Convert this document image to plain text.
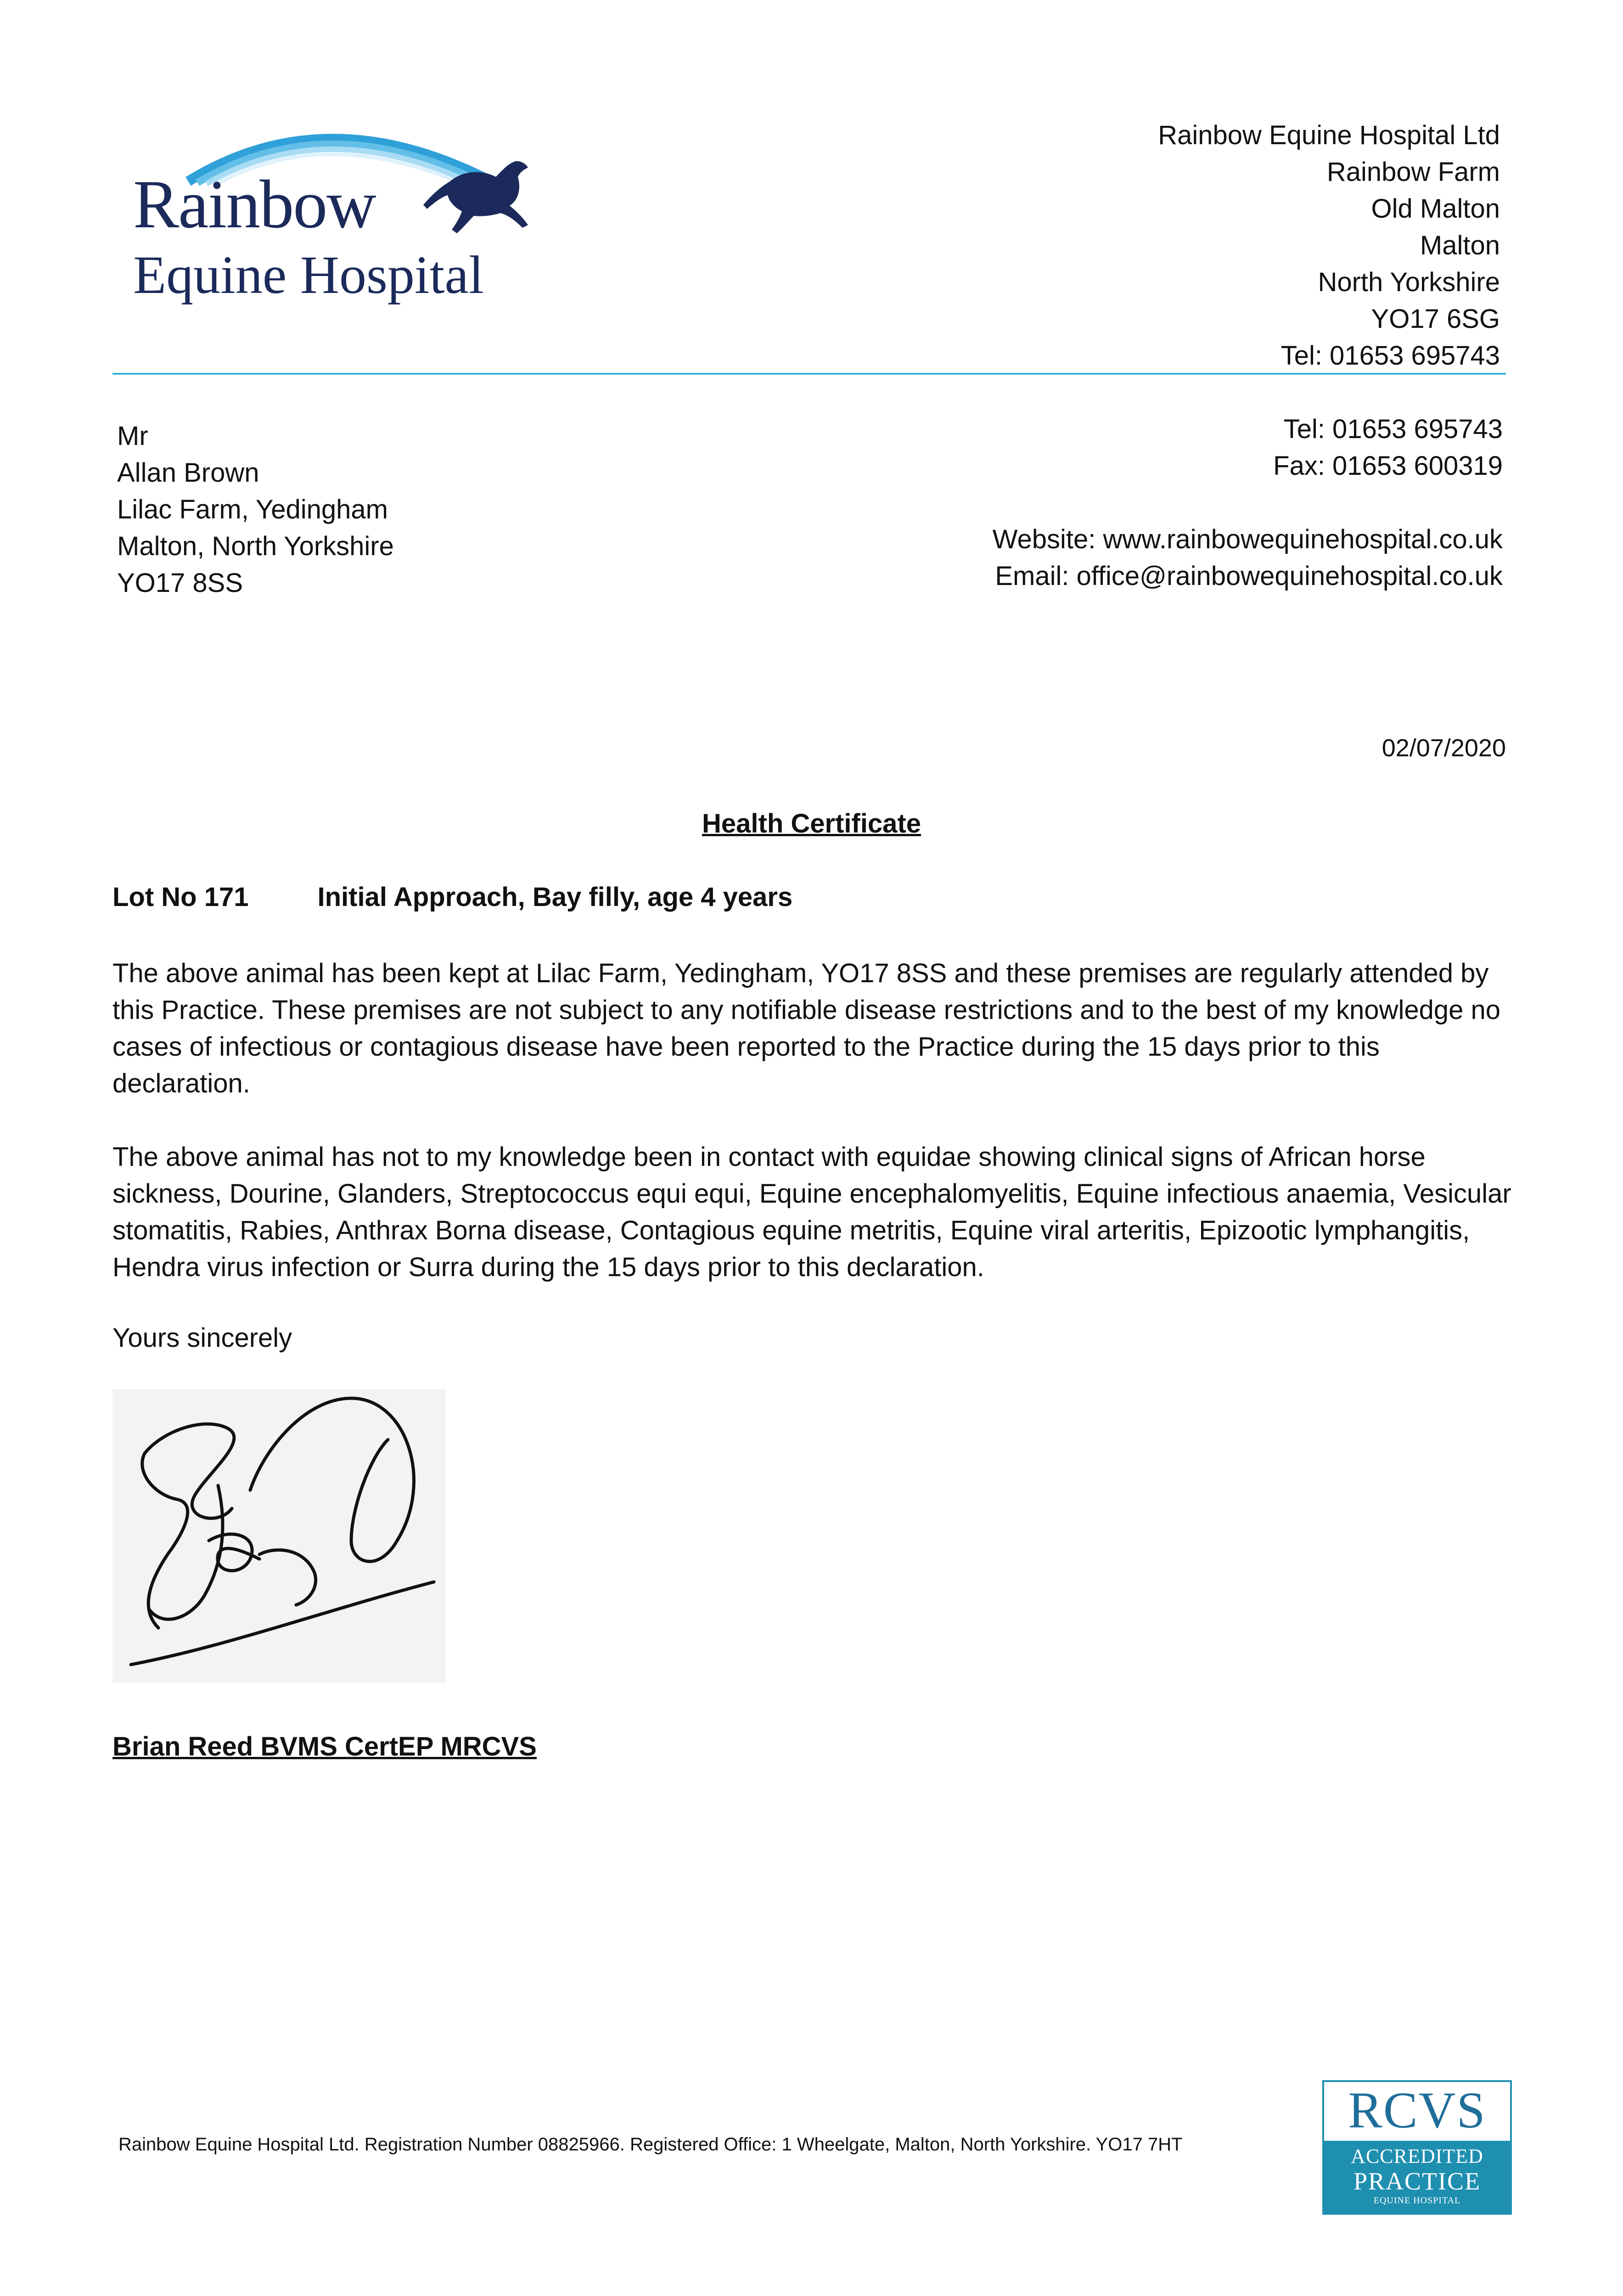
Rainbow
Equine Hospital
Rainbow Equine Hospital Ltd
Rainbow Farm
Old Malton
Malton
North Yorkshire
YO17 6SG
Tel: 01653 695743
Mr
Allan Brown
Lilac Farm, Yedingham
Malton, North Yorkshire
YO17 8SS
Tel: 01653 695743
Fax: 01653 600319
Website: www.rainbowequinehospital.co.uk
Email: office@rainbowequinehospital.co.uk
02/07/2020
Health Certificate
Lot No 171	Initial Approach, Bay filly, age 4 years
The above animal has been kept at Lilac Farm, Yedingham, YO17 8SS and these premises are regularly attended by this Practice. These premises are not subject to any notifiable disease restrictions and to the best of my knowledge no cases of infectious or contagious disease have been reported to the Practice during the 15 days prior to this declaration.
The above animal has not to my knowledge been in contact with equidae showing clinical signs of African horse sickness, Dourine, Glanders, Streptococcus equi equi, Equine encephalomyelitis, Equine infectious anaemia, Vesicular stomatitis, Rabies, Anthrax Borna disease, Contagious equine metritis, Equine viral arteritis, Epizootic lymphangitis, Hendra virus infection or Surra during the 15 days prior to this declaration.
Yours sincerely
Brian Reed BVMS CertEP MRCVS
Rainbow Equine Hospital Ltd. Registration Number 08825966. Registered Office: 1 Wheelgate, Malton, North Yorkshire. YO17 7HT
RCVS
ACCREDITED
PRACTICE
EQUINE HOSPITAL
